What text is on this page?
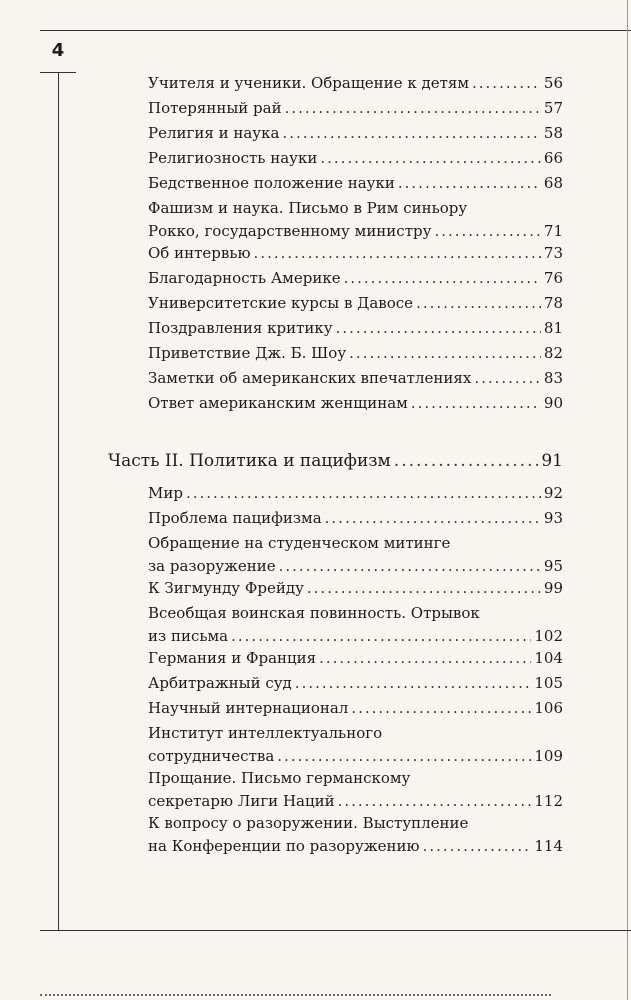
4
Учителя и ученики. Обращение к детям .....	56
Потерянный рай .....	57
Религия и наука .....	58
Религиозность науки .....	66
Бедственное положение науки .....	68
Фашизм и наука. Письмо в Рим синьору
Рокко, государственному министру .....	71
Об интервью .....	73
Благодарность Америке .....	76
Университетские курсы в Давосе .....	78
Поздравления критику .....	81
Приветствие Дж. Б. Шоу .....	82
Заметки об американских впечатлениях .....	83
Ответ американским женщинам .....	90
Часть II. Политика и пацифизм .....	91
Мир .....	92
Проблема пацифизма .....	93
Обращение на студенческом митинге
за разоружение .....	95
К Зигмунду Фрейду .....	99
Всеобщая воинская повинность. Отрывок
из письма .....	102
Германия и Франция .....	104
Арбитражный суд .....	105
Научный интернационал .....	106
Институт интеллектуального
сотрудничества .....	109
Прощание. Письмо германскому
секретарю Лиги Наций .....	112
К вопросу о разоружении. Выступление
на Конференции по разоружению .....	114
